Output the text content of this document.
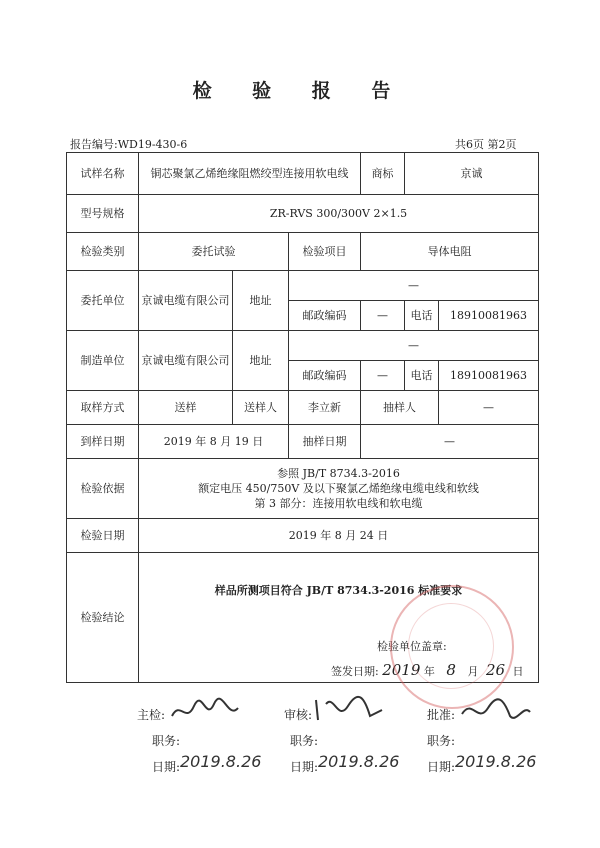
检 验 报 告
报告编号:WD19-430-6	共6页 第2页
试样名称	铜芯聚氯乙烯绝缘阻燃绞型连接用软电线			商标	京诚	
型号规格	ZR-RVS 300/300V 2×1.5					
检验类别	委托试验		检验项目	导体电阻		
委托单位	京诚电缆有限公司	地址	—			
			邮政编码	—	电话	18910081963
制造单位	京诚电缆有限公司	地址	—			
			邮政编码	—	电话	18910081963
取样方式	送样	送样人	李立新	抽样人		—
到样日期	2019 年 8 月 19 日		抽样日期	—		
检验依据	参照 JB/T 8734.3-2016
额定电压 450/750V 及以下聚氯乙烯绝缘电缆电线和软线
第 3 部分：连接用软电线和软电缆					

检验日期	2019 年 8 月 24 日					
检验结论	样品所测项目符合 JB/T 8734.3-2016 标准要求
检验单位盖章:
签发日期: 2019 年 8 月 26 日					
主检:	审核:	批准:
职务:	职务:	职务:
日期: 2019.8.26 日期: 2019.8.26 日期: 2019.8.26
